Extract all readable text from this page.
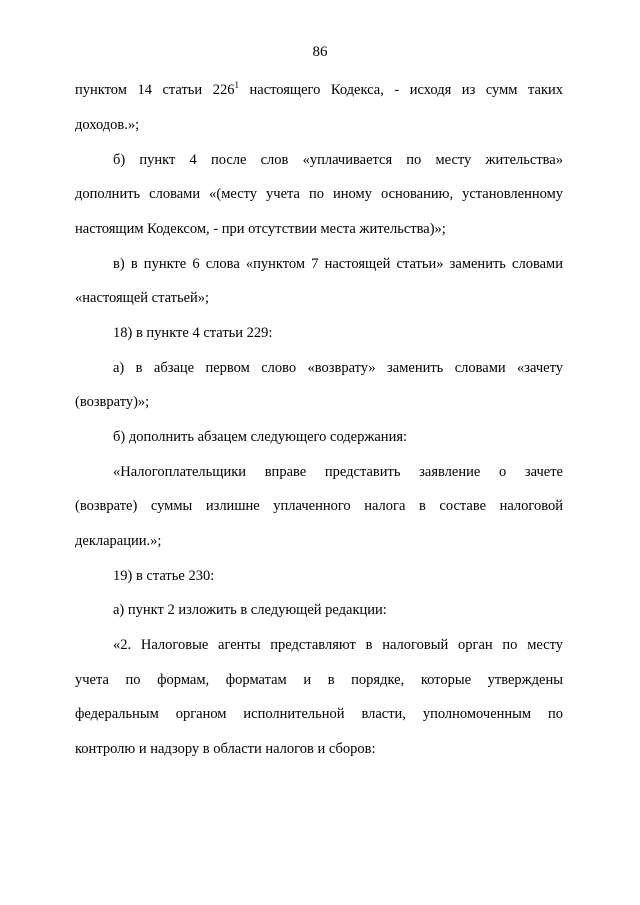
86
пунктом 14 статьи $226^1$ настоящего Кодекса, - исходя из сумм таких
доходов.»;
б) пункт 4 после слов «уплачивается по месту жительства»
дополнить словами «(месту учета по иному основанию, установленному
настоящим Кодексом, - при отсутствии места жительства)»;
в) в пункте 6 слова «пунктом 7 настоящей статьи» заменить словами
«настоящей статьей»;
18) в пункте 4 статьи 229:
а) в абзаце первом слово «возврату» заменить словами «зачету
(возврату)»;
б) дополнить абзацем следующего содержания:
«Налогоплательщики вправе представить заявление о зачете
(возврате) суммы излишне уплаченного налога в составе налоговой
декларации.»;
19) в статье 230:
а) пункт 2 изложить в следующей редакции:
«2. Налоговые агенты представляют в налоговый орган по месту
учета по формам, форматам и в порядке, которые утверждены
федеральным органом исполнительной власти, уполномоченным по
контролю и надзору в области налогов и сборов:
